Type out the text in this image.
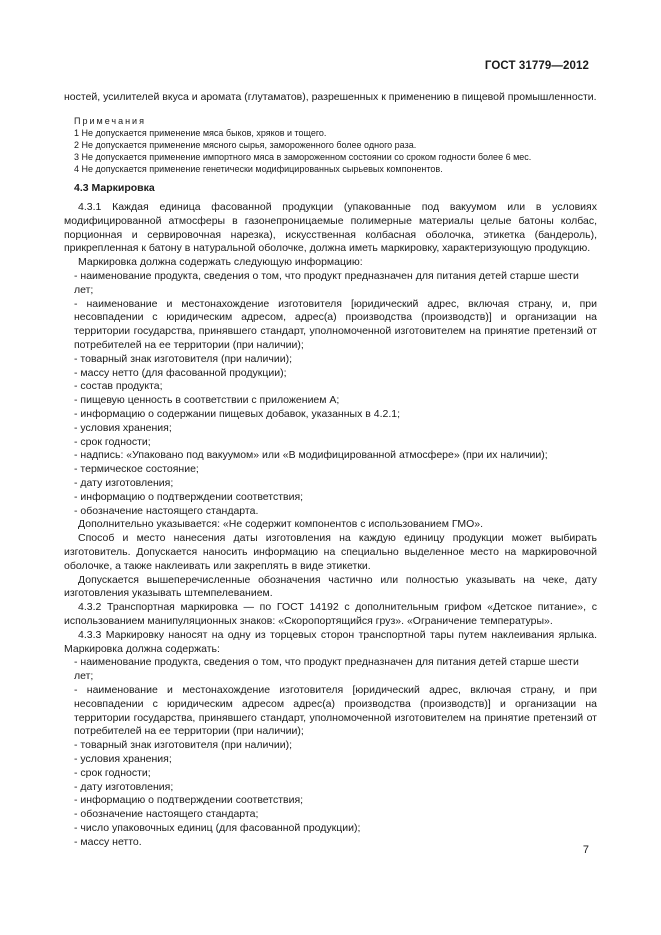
ГОСТ 31779—2012

ностей, усилителей вкуса и аромата (глутаматов), разрешенных к применению в пищевой промышленности.

Примечания

1 Не допускается применение мяса быков, хряков и тощего.

2 Не допускается применение мясного сырья, замороженного более одного раза.

3 Не допускается применение импортного мяса в замороженном состоянии со сроком годности более 6 мес.

4 Не допускается применение генетически модифицированных сырьевых компонентов.

4.3 Маркировка

4.3.1 Каждая единица фасованной продукции (упакованные под вакуумом или в условиях модифицированной атмосферы в газонепроницаемые полимерные материалы целые батоны колбас, порционная и сервировочная нарезка), искусственная колбасная оболочка, этикетка (бандероль), прикрепленная к батону в натуральной оболочке, должна иметь маркировку, характеризующую продукцию.

Маркировка должна содержать следующую информацию:

- наименование продукта, сведения о том, что продукт предназначен для питания детей старше шести лет;

- наименование и местонахождение изготовителя [юридический адрес, включая страну, и, при несовпадении с юридическим адресом, адрес(а) производства (производств)] и организации на территории государства, принявшего стандарт, уполномоченной изготовителем на принятие претензий от потребителей на ее территории (при наличии);

- товарный знак изготовителя (при наличии);

- массу нетто (для фасованной продукции);

- состав продукта;

- пищевую ценность в соответствии с приложением А;

- информацию о содержании пищевых добавок, указанных в 4.2.1;

- условия хранения;

- срок годности;

- надпись: «Упаковано под вакуумом» или «В модифицированной атмосфере» (при их наличии);

- термическое состояние;

- дату изготовления;

- информацию о подтверждении соответствия;

- обозначение настоящего стандарта.

Дополнительно указывается: «Не содержит компонентов с использованием ГМО».

Способ и место нанесения даты изготовления на каждую единицу продукции может выбирать изготовитель. Допускается наносить информацию на специально выделенное место на маркировочной оболочке, а также наклеивать или закреплять в виде этикетки.

Допускается вышеперечисленные обозначения частично или полностью указывать на чеке, дату изготовления указывать штемпелеванием.

4.3.2 Транспортная маркировка — по ГОСТ 14192 с дополнительным грифом «Детское питание», с использованием манипуляционных знаков: «Скоропортящийся груз». «Ограничение температуры».

4.3.3 Маркировку наносят на одну из торцевых сторон транспортной тары путем наклеивания ярлыка. Маркировка должна содержать:

- наименование продукта, сведения о том, что продукт предназначен для питания детей старше шести лет;

- наименование и местонахождение изготовителя [юридический адрес, включая страну, и при несовпадении с юридическим адресом адрес(а) производства (производств)] и организации на территории государства, принявшего стандарт, уполномоченной изготовителем на принятие претензий от потребителей на ее территории (при наличии);

- товарный знак изготовителя (при наличии);

- условия хранения;

- срок годности;

- дату изготовления;

- информацию о подтверждении соответствия;

- обозначение настоящего стандарта;

- число упаковочных единиц (для фасованной продукции);

- массу нетто.

7
